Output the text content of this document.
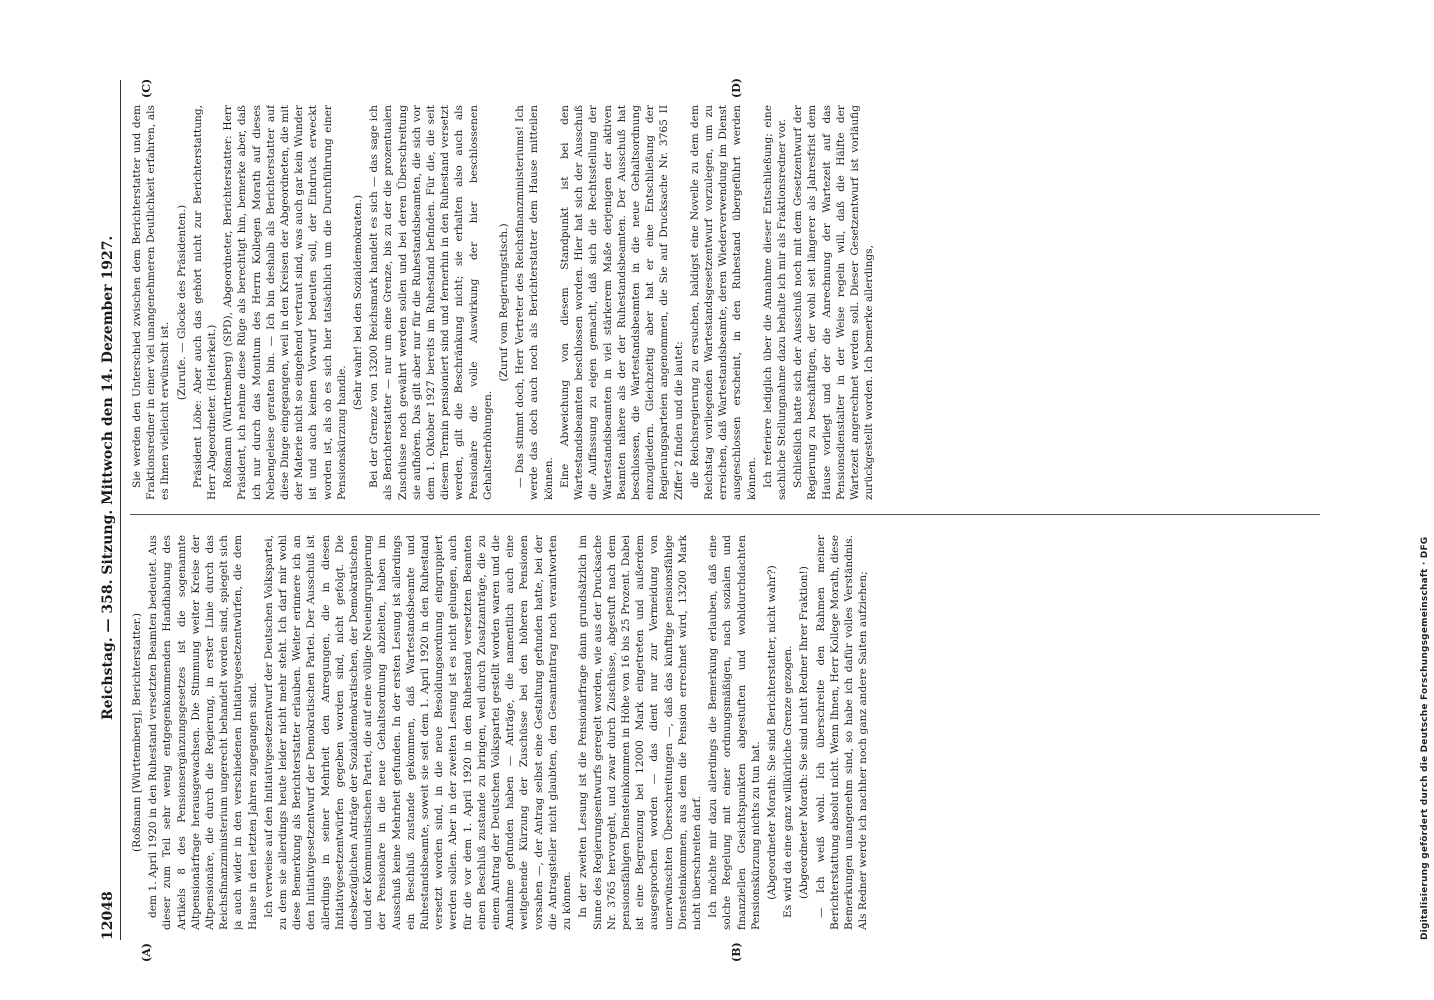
12048
Reichstag. — 358. Sitzung. Mittwoch den 14. Dezember 1927.
(A)	(B)
(C)	(D)

(Roßmann [Württemberg], Berichterstatter.) dem 1. April 1920 in den Ruhestand versetzten Beamten bedeutet. Aus dieser zum Teil sehr wenig entgegenkommenden Handhabung des Artikels 8 des Pensionsergänzungsgesetzes ist die sogenannte Altpensionärfrage herausgewachsen. Die Stimmung weiter Kreise der Altpensionäre, die durch die Regierung, in erster Linie durch das Reichsfinanzministerium ungerecht behandelt worden sind, spiegelt sich ja auch wider in den verschiedenen Initiativgesetzentwürfen, die dem Hause in den letzten Jahren zugegangen sind. Ich verweise auf den Initiativgesetzentwurf der Deutschen Volkspartei, zu dem sie allerdings heute leider nicht mehr steht. Ich darf mir wohl diese Bemerkung als Berichterstatter erlauben. Weiter erinnere ich an den Initiativgesetzentwurf der Demokratischen Partei. Der Ausschuß ist allerdings in seiner Mehrheit den Anregungen, die in diesen Initiativgesetzentwürfen gegeben worden sind, nicht gefolgt. Die diesbezüglichen Anträge der Sozialdemokratischen, der Demokratischen und der Kommunistischen Partei, die auf eine völlige Neueingruppierung der Pensionäre in die neue Gehaltsordnung abzielten, haben im Ausschuß keine Mehrheit gefunden. In der ersten Lesung ist allerdings ein Beschluß zustande gekommen, daß Wartestandsbeamte und Ruhestandsbeamte, soweit sie seit dem 1. April 1920 in den Ruhestand versetzt worden sind, in die neue Besoldungsordnung eingruppiert werden sollen. Aber in der zweiten Lesung ist es nicht gelungen, auch für die vor dem 1. April 1920 in den Ruhestand versetzten Beamten einen Beschluß zustande zu bringen, weil durch Zusatzanträge, die zu einem Antrag der Deutschen Volkspartei gestellt worden waren und die Annahme gefunden haben — Anträge, die namentlich auch eine weitgehende Kürzung der Zuschüsse bei den höheren Pensionen vorsahen —, der Antrag selbst eine Gestaltung gefunden hatte, bei der die Antragsteller nicht glaubten, den Gesamtantrag noch verantworten zu können. In der zweiten Lesung ist die Pensionärfrage dann grundsätzlich im Sinne des Regierungsentwurfs geregelt worden, wie aus der Drucksache Nr. 3765 hervorgeht, und zwar durch Zuschüsse, abgestuft nach dem pensionsfähigen Diensteinkommen in Höhe von 16 bis 25 Prozent. Dabei ist eine Begrenzung bei 12000 Mark eingetreten und außerdem ausgesprochen worden — das dient nur zur Vermeidung von unerwünschten Überschreitungen —, daß das künftige pensionsfähige Diensteinkommen, aus dem die Pension errechnet wird, 13200 Mark nicht überschreiten darf. Ich möchte mir dazu allerdings die Bemerkung erlauben, daß eine solche Regelung mit einer ordnungsmäßigen, nach sozialen und finanziellen Gesichtspunkten abgestuften und wohldurchdachten Pensionskürzung nichts zu tun hat. (Abgeordneter Morath: Sie sind Berichterstatter, nicht wahr?) Es wird da eine ganz willkürliche Grenze gezogen. (Abgeordneter Morath: Sie sind nicht Redner Ihrer Fraktion!) — Ich weiß wohl. Ich überschreite den Rahmen meiner Berichterstattung absolut nicht. Wenn Ihnen, Herr Kollege Morath, diese Bemerkungen unangenehm sind, so habe ich dafür volles Verständnis. Als Redner werde ich nachher noch ganz andere Saiten aufziehen;

Sie werden den Unterschied zwischen dem Berichterstatter und dem Fraktionsredner in einer viel unangenehmeren Deutlichkeit erfahren, als es Ihnen vielleicht erwünscht ist.

(Zurufe. — Glocke des Präsidenten.) Präsident Löbe: Aber auch das gehört nicht zur Berichterstattung, Herr Abgeordneter. (Heiterkeit.) Roßmann (Württemberg) (SPD), Abgeordneter, Berichterstatter: Herr Präsident, ich nehme diese Rüge als berechtigt hin, bemerke aber, daß ich nur durch das Monitum des Herrn Kollegen Morath auf dieses Nebengeleise geraten bin. — Ich bin deshalb als Berichterstatter auf diese Dinge eingegangen, weil in den Kreisen der Abgeordneten, die mit der Materie nicht so eingehend vertraut sind, was auch gar kein Wunder ist und auch keinen Vorwurf bedeuten soll, der Eindruck erweckt worden ist, als ob es sich hier tatsächlich um die Durchführung einer Pensionskürzung handle.

(Sehr wahr! bei den Sozialdemokraten.) Bei der Grenze von 13200 Reichsmark handelt es sich — das sage ich als Berichterstatter — nur um eine Grenze, bis zu der die prozentualen Zuschüsse noch gewährt werden sollen und bei deren Überschreitung sie aufhören. Das gilt aber nur für die Ruhestandsbeamten, die sich vor dem 1. Oktober 1927 bereits im Ruhestand befinden. Für die, die seit diesem Termin pensioniert sind und fernerhin in den Ruhestand versetzt werden, gilt die Beschränkung nicht; sie erhalten also auch als Pensionäre die volle Auswirkung der hier beschlossenen Gehaltserhöhungen.

(Zuruf vom Regierungstisch.) — Das stimmt doch, Herr Vertreter des Reichsfinanzministeriums! Ich werde das doch auch noch als Berichterstatter dem Hause mitteilen können. Eine Abweichung von diesem Standpunkt ist bei den Wartestandsbeamten beschlossen worden. Hier hat sich der Ausschuß die Auffassung zu eigen gemacht, daß sich die Rechtsstellung der Wartestandsbeamten in viel stärkerem Maße derjenigen der aktiven Beamten nähere als der der Ruhestandsbeamten. Der Ausschuß hat beschlossen, die Wartestandsbeamten in die neue Gehaltsordnung einzugliedern. Gleichzeitig aber hat er eine Entschließung der Regierungsparteien angenommen, die Sie auf Drucksache Nr. 3765 II Ziffer 2 finden und die lautet: die Reichsregierung zu ersuchen, baldigst eine Novelle zu dem dem Reichstag vorliegenden Wartestandsgesetzentwurf vorzulegen, um zu erreichen, daß Wartestandsbeamte, deren Wiederverwendung im Dienst ausgeschlossen erscheint, in den Ruhestand übergeführt werden können. Ich referiere lediglich über die Annahme dieser Entschließung; eine sachliche Stellungnahme dazu behalte ich mir als Fraktionsredner vor. Schließlich hatte sich der Ausschuß noch mit dem Gesetzentwurf der Regierung zu beschäftigen, der wohl seit längerer als Jahresfrist dem Hause vorliegt und der die Anrechnung der Wartezeit auf das Pensionsdienstalter in der Weise regeln will, daß die Hälfte der Wartezeit angerechnet werden soll. Dieser Gesetzentwurf ist vorläufig zurückgestellt worden. Ich bemerke allerdings,

Digitalisierung gefördert durch die Deutsche Forschungsgemeinschaft · DFG
